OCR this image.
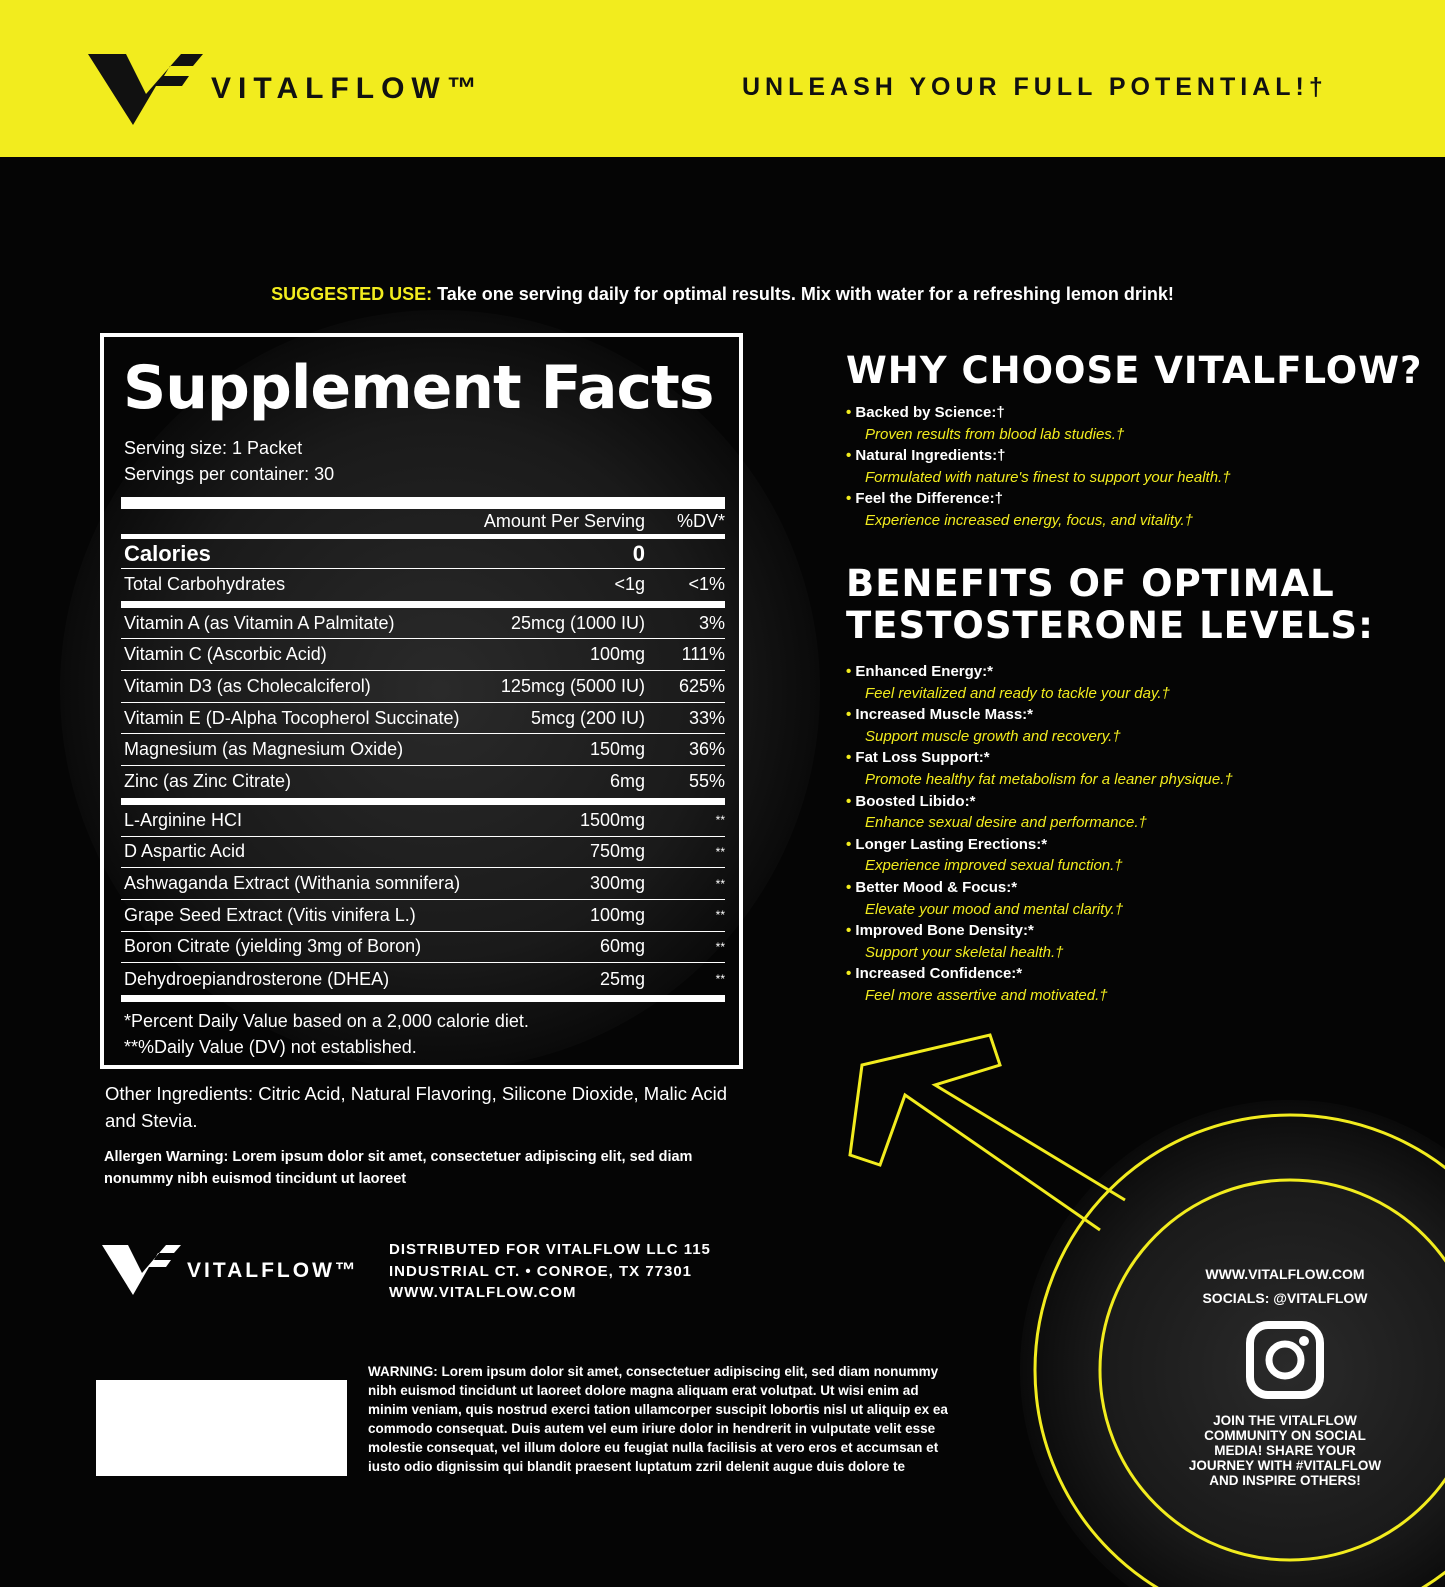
VITALFLOW™	UNLEASH YOUR FULL POTENTIAL!†
SUGGESTED USE: Take one serving daily for optimal results. Mix with water for a refreshing lemon drink!
Supplement Facts
Serving size: 1 Packet
Servings per container: 30
Amount Per Serving	%DV*
Calories	0
Total Carbohydrates	<1g	<1%
Vitamin A (as Vitamin A Palmitate)	25mcg (1000 IU)	3%
Vitamin C (Ascorbic Acid)	100mg	111%
Vitamin D3 (as Cholecalciferol)	125mcg (5000 IU)	625%
Vitamin E (D-Alpha Tocopherol Succinate)	5mcg (200 IU)	33%
Magnesium (as Magnesium Oxide)	150mg	36%
Zinc (as Zinc Citrate)	6mg	55%
L-Arginine HCI	1500mg	**
D Aspartic Acid	750mg	**
Ashwaganda Extract (Withania somnifera)	300mg	**
Grape Seed Extract (Vitis vinifera L.)	100mg	**
Boron Citrate (yielding 3mg of Boron)	60mg	**
Dehydroepiandrosterone (DHEA)	25mg	**
*Percent Daily Value based on a 2,000 calorie diet.
**%Daily Value (DV) not established.
Other Ingredients: Citric Acid, Natural Flavoring, Silicone Dioxide, Malic Acid and Stevia.
Allergen Warning: Lorem ipsum dolor sit amet, consectetuer adipiscing elit, sed diam nonummy nibh euismod tincidunt ut laoreet
VITALFLOW™
DISTRIBUTED FOR VITALFLOW LLC 115
INDUSTRIAL CT. • CONROE, TX 77301
WWW.VITALFLOW.COM
WARNING: Lorem ipsum dolor sit amet, consectetuer adipiscing elit, sed diam nonummy nibh euismod tincidunt ut laoreet dolore magna aliquam erat volutpat. Ut wisi enim ad minim veniam, quis nostrud exerci tation ullamcorper suscipit lobortis nisl ut aliquip ex ea commodo consequat. Duis autem vel eum iriure dolor in hendrerit in vulputate velit esse molestie consequat, vel illum dolore eu feugiat nulla facilisis at vero eros et accumsan et iusto odio dignissim qui blandit praesent luptatum zzril delenit augue duis dolore te
WHY CHOOSE VITALFLOW?
• Backed by Science:†
Proven results from blood lab studies.†
• Natural Ingredients:†
Formulated with nature's finest to support your health.†
• Feel the Difference:†
Experience increased energy, focus, and vitality.†
BENEFITS OF OPTIMAL
TESTOSTERONE LEVELS:
• Enhanced Energy:*
Feel revitalized and ready to tackle your day.†
• Increased Muscle Mass:*
Support muscle growth and recovery.†
• Fat Loss Support:*
Promote healthy fat metabolism for a leaner physique.†
• Boosted Libido:*
Enhance sexual desire and performance.†
• Longer Lasting Erections:*
Experience improved sexual function.†
• Better Mood & Focus:*
Elevate your mood and mental clarity.†
• Improved Bone Density:*
Support your skeletal health.†
• Increased Confidence:*
Feel more assertive and motivated.†
WWW.VITALFLOW.COM
SOCIALS: @VITALFLOW
JOIN THE VITALFLOW COMMUNITY ON SOCIAL MEDIA! SHARE YOUR JOURNEY WITH #VITALFLOW AND INSPIRE OTHERS!
